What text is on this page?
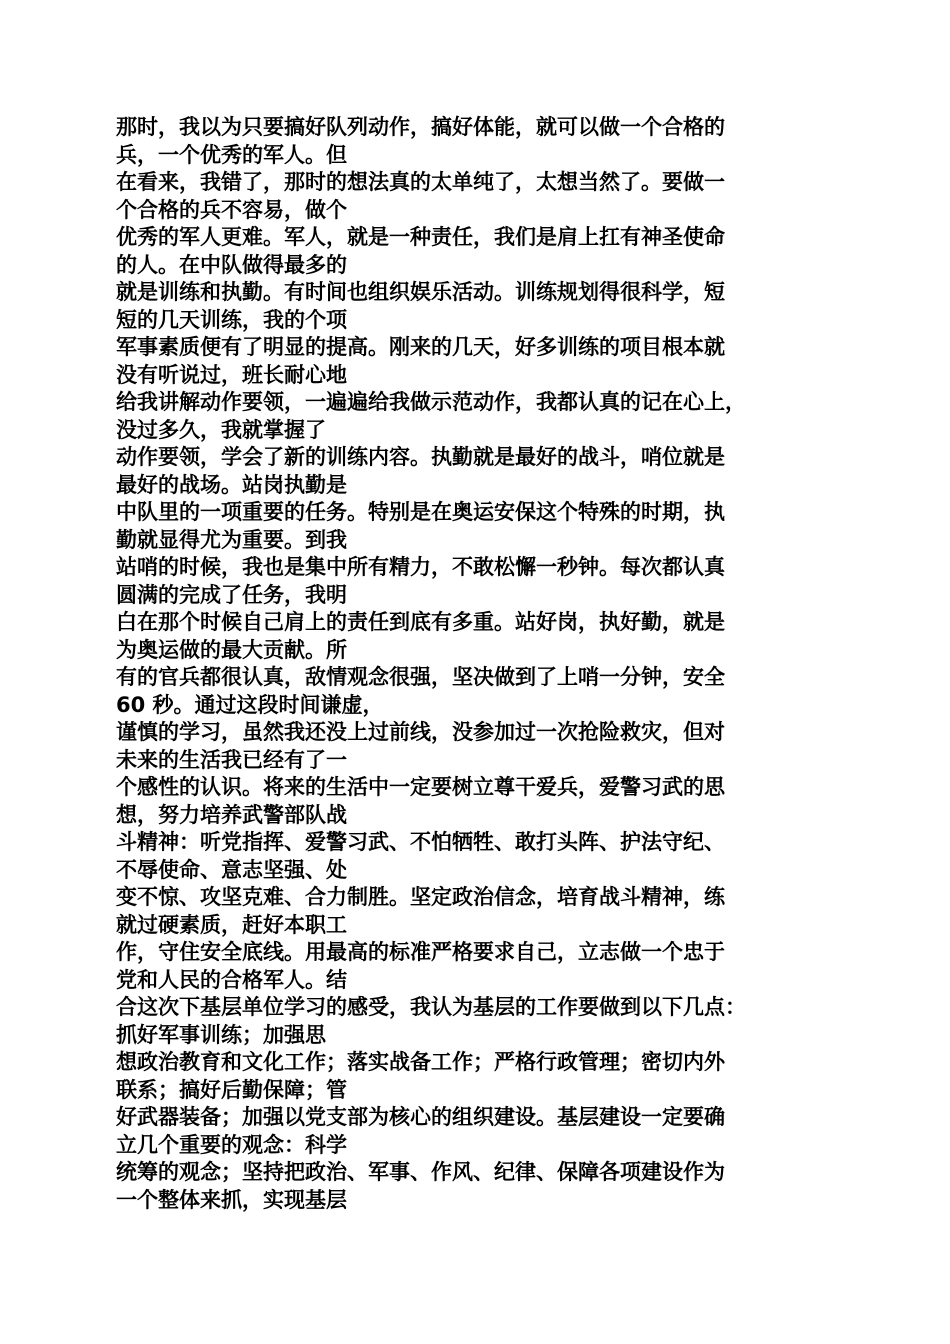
那时，我以为只要搞好队列动作，搞好体能，就可以做一个合格的

兵，一个优秀的军人。但

在看来，我错了，那时的想法真的太单纯了，太想当然了。要做一

个合格的兵不容易，做个

优秀的军人更难。军人，就是一种责任，我们是肩上扛有神圣使命

的人。在中队做得最多的

就是训练和执勤。有时间也组织娱乐活动。训练规划得很科学，短

短的几天训练，我的个项

军事素质便有了明显的提高。刚来的几天，好多训练的项目根本就

没有听说过，班长耐心地

给我讲解动作要领，一遍遍给我做示范动作，我都认真的记在心上，

没过多久，我就掌握了

动作要领，学会了新的训练内容。执勤就是最好的战斗，哨位就是

最好的战场。站岗执勤是

中队里的一项重要的任务。特别是在奥运安保这个特殊的时期，执

勤就显得尤为重要。到我

站哨的时候，我也是集中所有精力，不敢松懈一秒钟。每次都认真

圆满的完成了任务，我明

白在那个时候自己肩上的责任到底有多重。站好岗，执好勤，就是

为奥运做的最大贡献。所

有的官兵都很认真，敌情观念很强，坚决做到了上哨一分钟，安全

60 秒。通过这段时间谦虚，

谨慎的学习，虽然我还没上过前线，没参加过一次抢险救灾，但对

未来的生活我已经有了一

个感性的认识。将来的生活中一定要树立尊干爱兵，爱警习武的思

想，努力培养武警部队战

斗精神：听党指挥、爱警习武、不怕牺牲、敢打头阵、护法守纪、

不辱使命、意志坚强、处

变不惊、攻坚克难、合力制胜。坚定政治信念，培育战斗精神，练

就过硬素质，赶好本职工

作，守住安全底线。用最高的标准严格要求自己，立志做一个忠于

党和人民的合格军人。结

合这次下基层单位学习的感受，我认为基层的工作要做到以下几点：

抓好军事训练；加强思

想政治教育和文化工作；落实战备工作；严格行政管理；密切内外

联系；搞好后勤保障；管

好武器装备；加强以党支部为核心的组织建设。基层建设一定要确

立几个重要的观念：科学

统筹的观念；坚持把政治、军事、作风、纪律、保障各项建设作为

一个整体来抓，实现基层
